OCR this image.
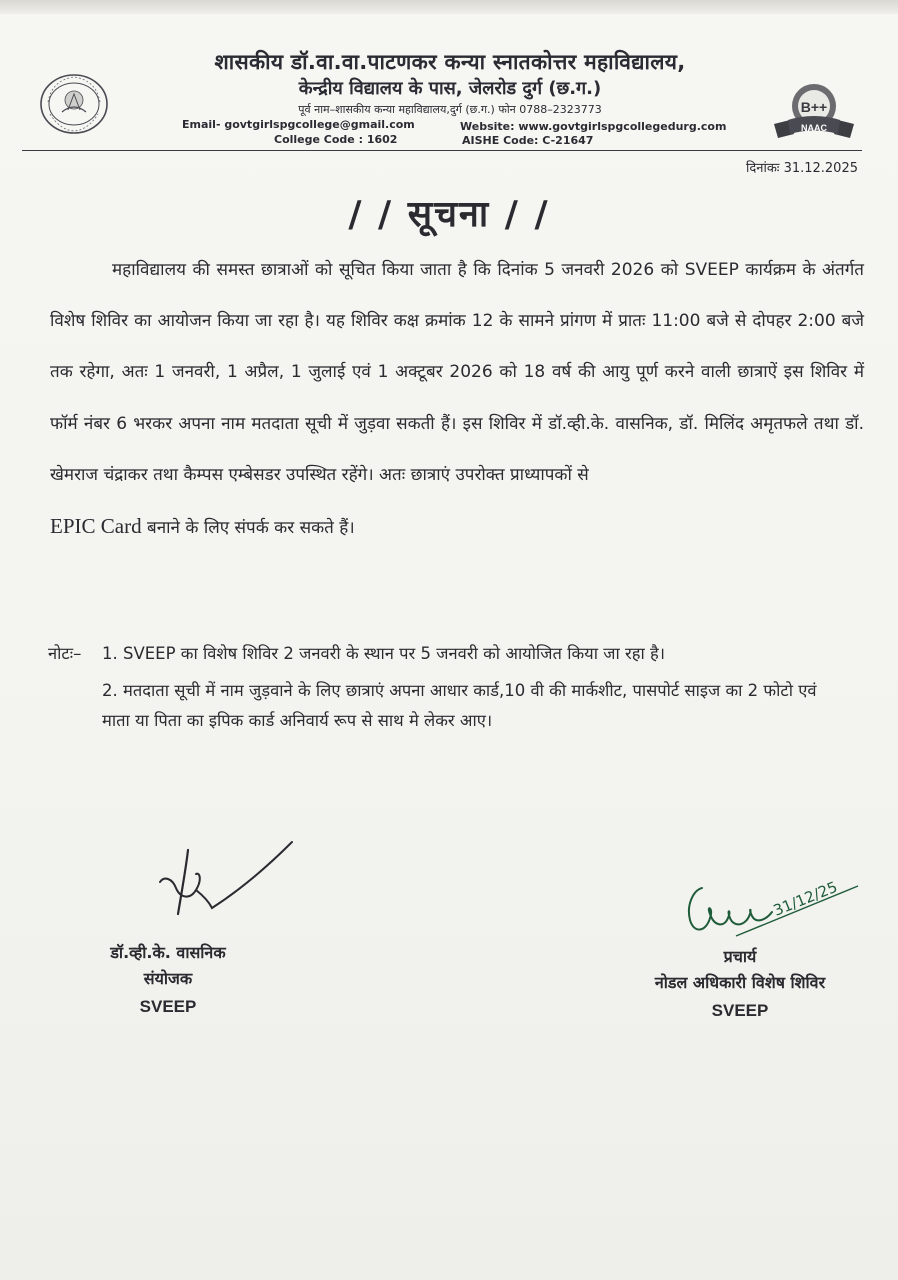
शासकीय डॉ.वा.वा.पाटणकर कन्या स्नातकोत्तर महाविद्यालय,
केन्द्रीय विद्यालय के पास, जेलरोड दुर्ग (छ.ग.)
पूर्व नाम–शासकीय कन्या महाविद्यालय,दुर्ग (छ.ग.) फोन 0788–2323773
Email- govtgirlspgcollege@gmail.com	Website: www.govtgirlspgcollegedurg.com
College Code : 1602	AISHE Code: C-21647
B++
NAAC
दिनांकः 31.12.2025
/ / सूचना / /
महाविद्यालय की समस्त छात्राओं को सूचित किया जाता है कि दिनांक 5 जनवरी 2026 को SVEEP कार्यक्रम के अंतर्गत विशेष शिविर का आयोजन किया जा रहा है। यह शिविर कक्ष क्रमांक 12 के सामने प्रांगण में प्रातः 11:00 बजे से दोपहर 2:00 बजे तक रहेगा, अतः 1 जनवरी, 1 अप्रैल, 1 जुलाई एवं 1 अक्टूबर 2026 को 18 वर्ष की आयु पूर्ण करने वाली छात्राऐं इस शिविर में फॉर्म नंबर 6 भरकर अपना नाम मतदाता सूची में जुड़वा सकती हैं। इस शिविर में डॉ.व्ही.के. वासनिक, डॉ. मिलिंद अमृतफले तथा डॉ. खेमराज चंद्राकर तथा कैम्पस एम्बेसडर उपस्थित रहेंगे। अतः छात्राएं उपरोक्त प्राध्यापकों से
EPIC Card बनाने के लिए संपर्क कर सकते हैं।
नोटः– 1. SVEEP का विशेष शिविर 2 जनवरी के स्थान पर 5 जनवरी को आयोजित किया जा रहा है।
2. मतदाता सूची में नाम जुड़वाने के लिए छात्राएं अपना आधार कार्ड,10 वी की मार्कशीट, पासपोर्ट साइज का 2 फोटो एवं माता या पिता का इपिक कार्ड अनिवार्य रूप से साथ मे लेकर आए।
31/12/25
डॉ.व्ही.के. वासनिक
संयोजक
SVEEP
प्रचार्य
नोडल अधिकारी विशेष शिविर
SVEEP
